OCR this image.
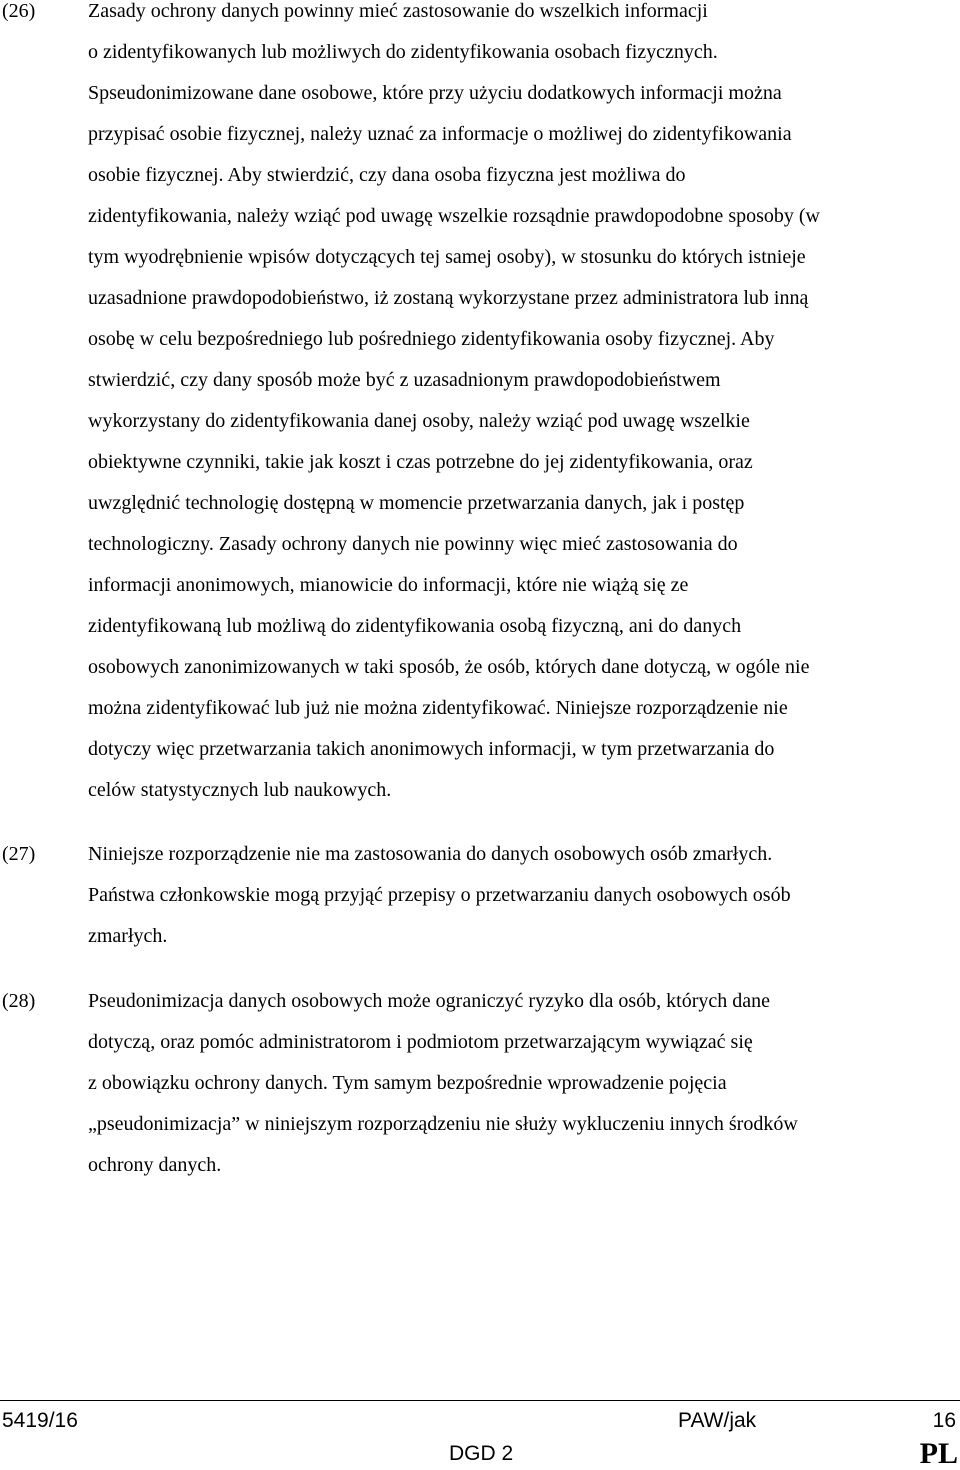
(26)	Zasady ochrony danych powinny mieć zastosowanie do wszelkich informacji
o zidentyfikowanych lub możliwych do zidentyfikowania osobach fizycznych.
Spseudonimizowane dane osobowe, które przy użyciu dodatkowych informacji można
przypisać osobie fizycznej, należy uznać za informacje o możliwej do zidentyfikowania
osobie fizycznej. Aby stwierdzić, czy dana osoba fizyczna jest możliwa do
zidentyfikowania, należy wziąć pod uwagę wszelkie rozsądnie prawdopodobne sposoby (w
tym wyodrębnienie wpisów dotyczących tej samej osoby), w stosunku do których istnieje
uzasadnione prawdopodobieństwo, iż zostaną wykorzystane przez administratora lub inną
osobę w celu bezpośredniego lub pośredniego zidentyfikowania osoby fizycznej. Aby
stwierdzić, czy dany sposób może być z uzasadnionym prawdopodobieństwem
wykorzystany do zidentyfikowania danej osoby, należy wziąć pod uwagę wszelkie
obiektywne czynniki, takie jak koszt i czas potrzebne do jej zidentyfikowania, oraz
uwzględnić technologię dostępną w momencie przetwarzania danych, jak i postęp
technologiczny. Zasady ochrony danych nie powinny więc mieć zastosowania do
informacji anonimowych, mianowicie do informacji, które nie wiążą się ze
zidentyfikowaną lub możliwą do zidentyfikowania osobą fizyczną, ani do danych
osobowych zanonimizowanych w taki sposób, że osób, których dane dotyczą, w ogóle nie
można zidentyfikować lub już nie można zidentyfikować. Niniejsze rozporządzenie nie
dotyczy więc przetwarzania takich anonimowych informacji, w tym przetwarzania do
celów statystycznych lub naukowych.
(27)	Niniejsze rozporządzenie nie ma zastosowania do danych osobowych osób zmarłych.
Państwa członkowskie mogą przyjąć przepisy o przetwarzaniu danych osobowych osób
zmarłych.
(28)	Pseudonimizacja danych osobowych może ograniczyć ryzyko dla osób, których dane
dotyczą, oraz pomóc administratorom i podmiotom przetwarzającym wywiązać się
z obowiązku ochrony danych. Tym samym bezpośrednie wprowadzenie pojęcia
„pseudonimizacja” w niniejszym rozporządzeniu nie służy wykluczeniu innych środków
ochrony danych.
5419/16	PAW/jak	16
DGD 2	PL
